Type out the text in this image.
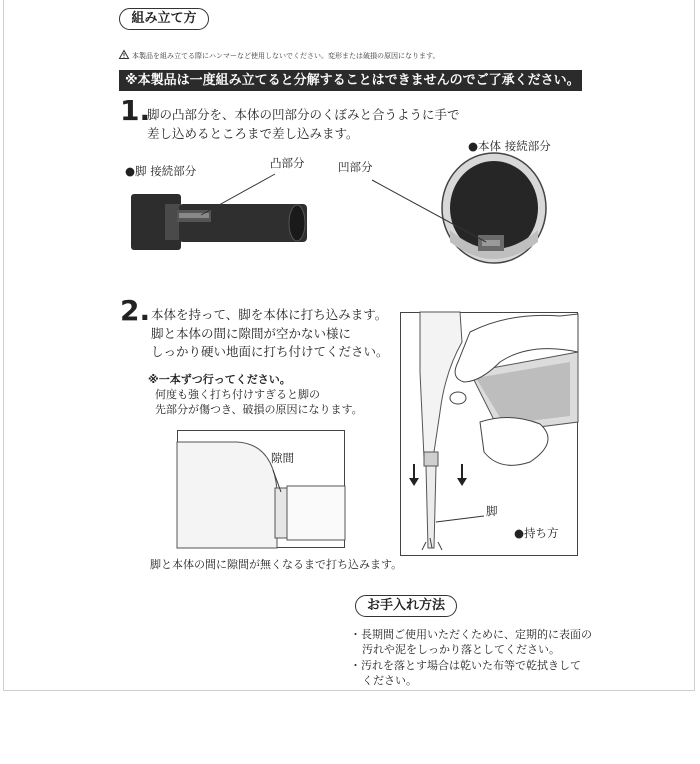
組み立て方
本製品を組み立てる際にハンマーなど使用しないでください。変形または破損の原因になります。
※本製品は一度組み立てると分解することはできませんのでご了承ください。
1.
脚の凸部分を、本体の凹部分のくぼみと合うように手で
差し込めるところまで差し込みます。
●脚 接続部分
凸部分	凹部分
●本体 接続部分
2. 本体を持って、脚を本体に打ち込みます。
脚と本体の間に隙間が空かない様に
しっかり硬い地面に打ち付けてください。
※一本ずつ行ってください。
何度も強く打ち付けすぎると脚の
先部分が傷つき、破損の原因になります。
隙間
脚と本体の間に隙間が無くなるまで打ち込みます。
脚
●持ち方
お手入れ方法
・長期間ご使用いただくために、定期的に表面の
汚れや泥をしっかり落としてください。
・汚れを落とす場合は乾いた布等で乾拭きして
ください。
